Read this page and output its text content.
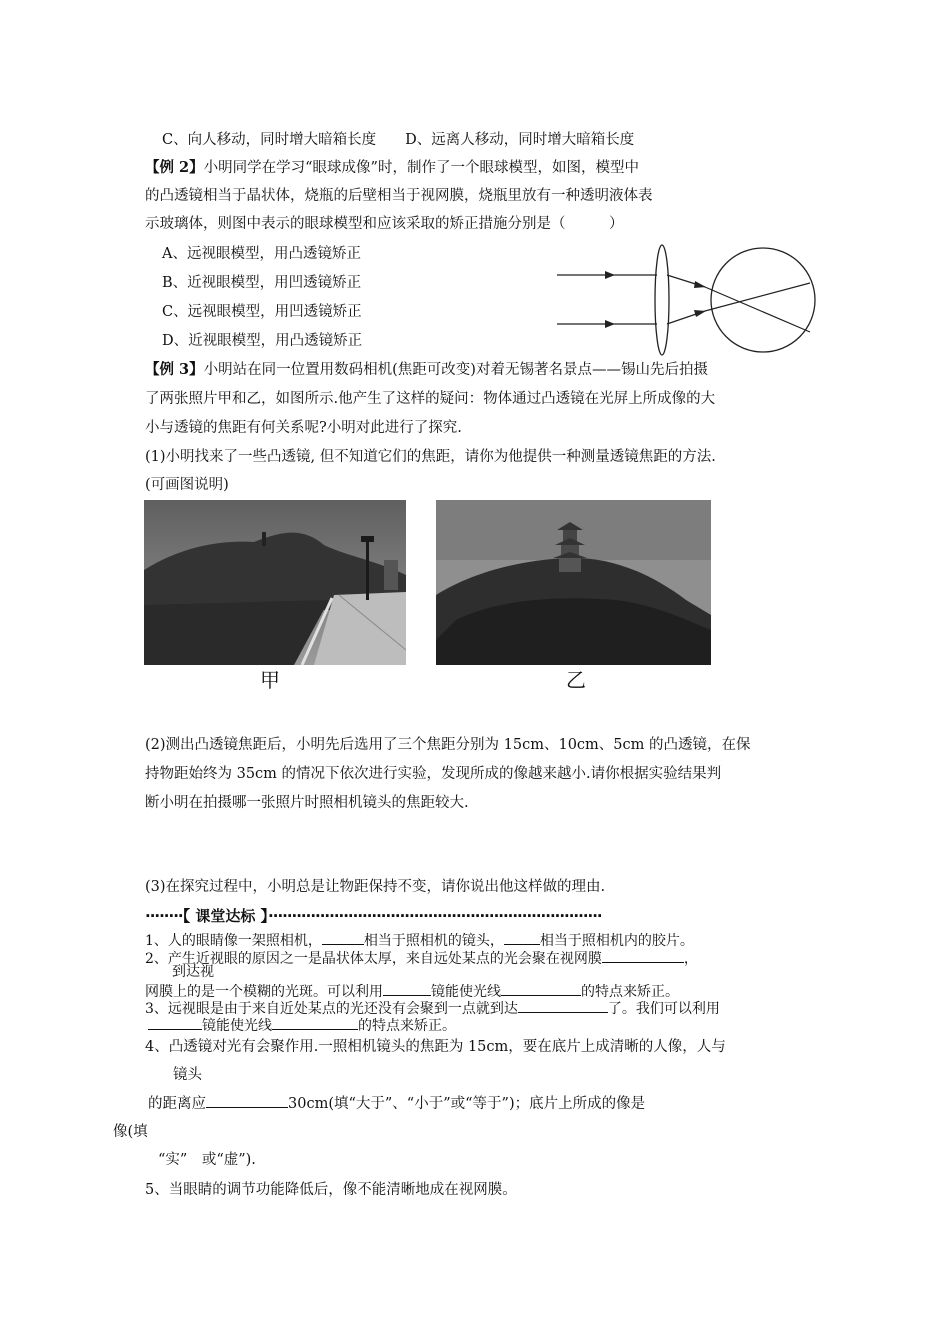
C、向人移动，同时增大暗箱长度　　D、远离人移动，同时增大暗箱长度
【例 2】小明同学在学习“眼球成像”时，制作了一个眼球模型，如图，模型中
的凸透镜相当于晶状体，烧瓶的后壁相当于视网膜，烧瓶里放有一种透明液体表
示玻璃体，则图中表示的眼球模型和应该采取的矫正措施分别是（　　　）
A、远视眼模型，用凸透镜矫正
B、近视眼模型，用凹透镜矫正
C、远视眼模型，用凹透镜矫正
D、近视眼模型，用凸透镜矫正
【例 3】小明站在同一位置用数码相机(焦距可改变)对着无锡著名景点——锡山先后拍摄
了两张照片甲和乙，如图所示.他产生了这样的疑问：物体通过凸透镜在光屏上所成像的大
小与透镜的焦距有何关系呢?小明对此进行了探究.
(1)小明找来了一些凸透镜, 但不知道它们的焦距，请你为他提供一种测量透镜焦距的方法.
(可画图说明)
甲	乙
(2)测出凸透镜焦距后，小明先后选用了三个焦距分别为 15cm、10cm、5cm 的凸透镜，在保
持物距始终为 35cm 的情况下依次进行实验，发现所成的像越来越小.请你根据实验结果判
断小明在拍摄哪一张照片时照相机镜头的焦距较大.
(3)在探究过程中，小明总是让物距保持不变，请你说出他这样做的理由.
········【 课堂达标 】·······································································
1、人的眼睛像一架照相机，	相当于照相机的镜头，	相当于照相机内的胶片。
2、产生近视眼的原因之一是晶状体太厚，来自远处某点的光会聚在视网膜	，
到达视
网膜上的是一个模糊的光斑。可以利用	镜能使光线	的特点来矫正。
3、远视眼是由于来自近处某点的光还没有会聚到一点就到达	了。我们可以利用
镜能使光线	的特点来矫正。
4、凸透镜对光有会聚作用.一照相机镜头的焦距为 15cm，要在底片上成清晰的人像，人与
镜头
的距离应	30cm(填“大于”、“小于”或“等于”)；底片上所成的像是
像(填
“实”　或“虚”).
5、当眼睛的调节功能降低后，像不能清晰地成在视网膜。
